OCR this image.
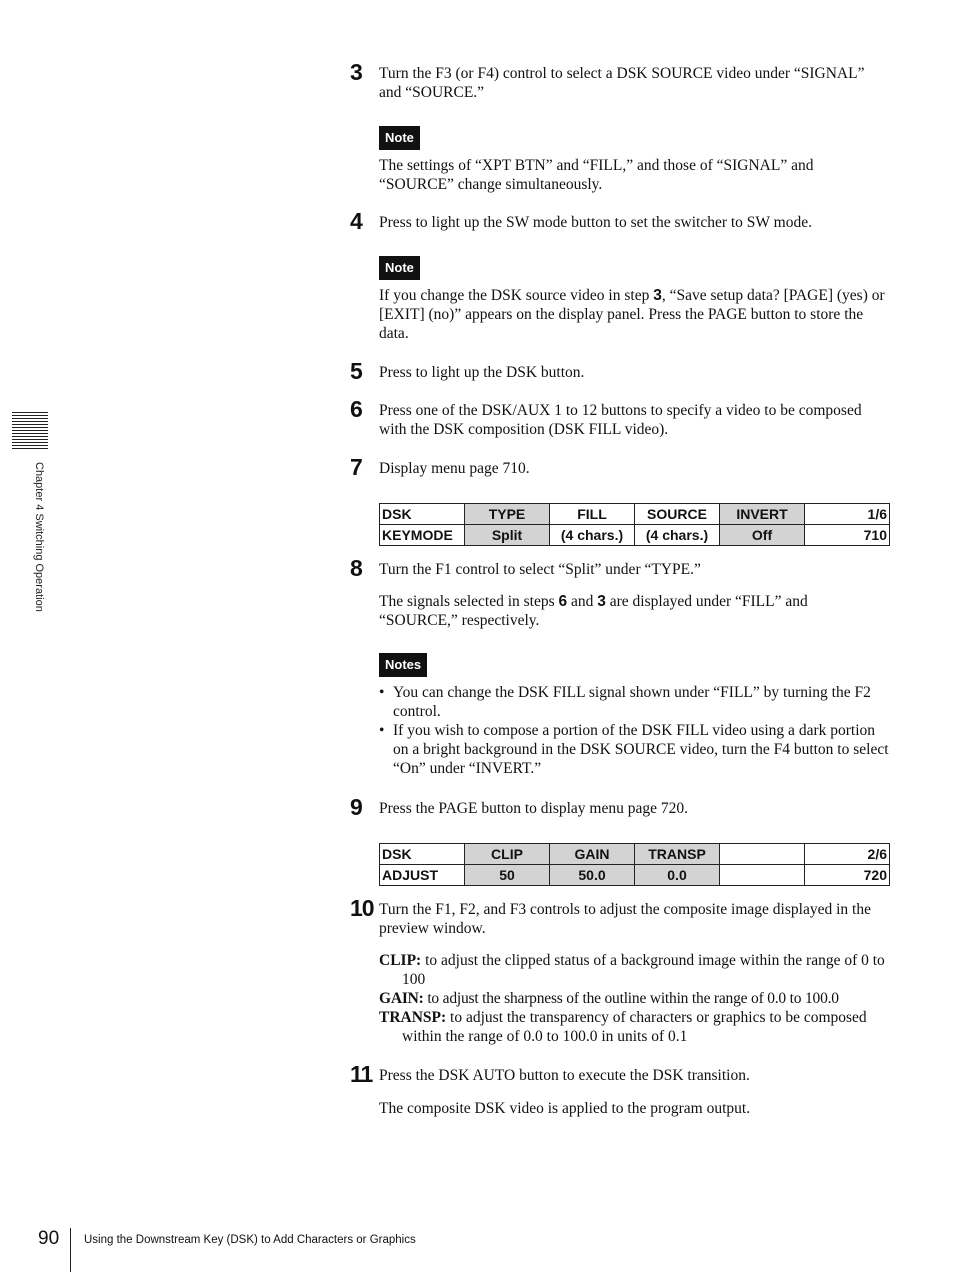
Chapter 4 Switching Operation
3 Turn the F3 (or F4) control to select a DSK SOURCE video under “SIGNAL” and “SOURCE.”
Note
The settings of “XPT BTN” and “FILL,” and those of “SIGNAL” and “SOURCE” change simultaneously.
4 Press to light up the SW mode button to set the switcher to SW mode.
Note
If you change the DSK source video in step 3, “Save setup data? [PAGE] (yes) or [EXIT] (no)” appears on the display panel. Press the PAGE button to store the data.
5 Press to light up the DSK button.
6 Press one of the DSK/AUX 1 to 12 buttons to specify a video to be composed with the DSK composition (DSK FILL video).
7 Display menu page 710.
DSK	TYPE	FILL	SOURCE	INVERT	1/6
KEYMODE	Split	(4 chars.)	(4 chars.)	Off	710
8 Turn the F1 control to select “Split” under “TYPE.”
The signals selected in steps 6 and 3 are displayed under “FILL” and “SOURCE,” respectively.
Notes
• You can change the DSK FILL signal shown under “FILL” by turning the F2 control.
• If you wish to compose a portion of the DSK FILL video using a dark portion on a bright background in the DSK SOURCE video, turn the F4 button to select “On” under “INVERT.”
9 Press the PAGE button to display menu page 720.
DSK	CLIP	GAIN	TRANSP		2/6
ADJUST	50	50.0	0.0		720
10 Turn the F1, F2, and F3 controls to adjust the composite image displayed in the preview window.
CLIP: to adjust the clipped status of a background image within the range of 0 to 100
GAIN: to adjust the sharpness of the outline within the range of 0.0 to 100.0
TRANSP: to adjust the transparency of characters or graphics to be composed within the range of 0.0 to 100.0 in units of 0.1
11 Press the DSK AUTO button to execute the DSK transition.
The composite DSK video is applied to the program output.
90 Using the Downstream Key (DSK) to Add Characters or Graphics
